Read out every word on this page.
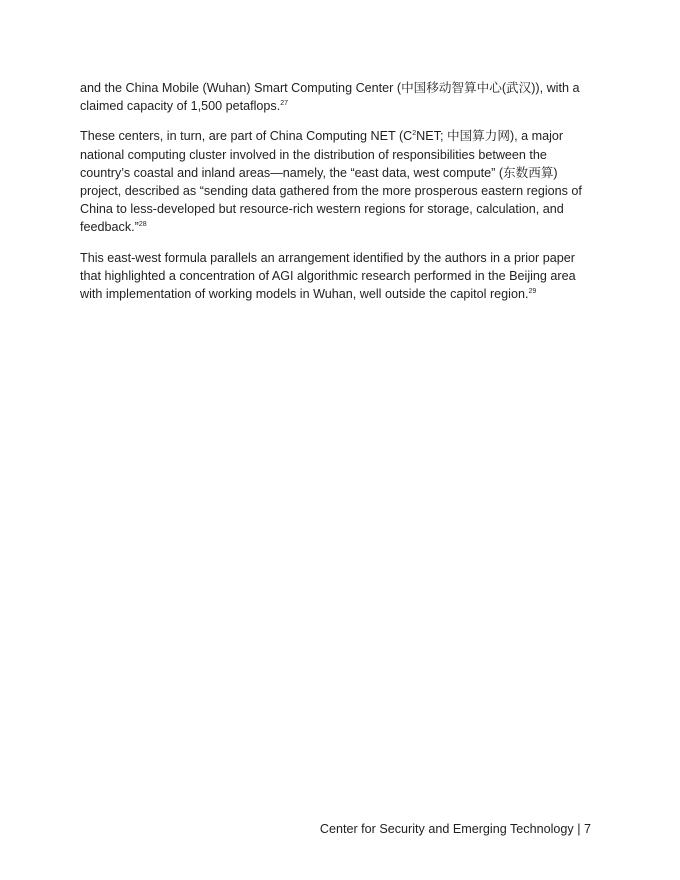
and the China Mobile (Wuhan) Smart Computing Center (中国移动智算中心(武汉)), with a claimed capacity of 1,500 petaflops.$^{27}$

These centers, in turn, are part of China Computing NET ($C^2NET$; 中国算力网), a major national computing cluster involved in the distribution of responsibilities between the country’s coastal and inland areas—namely, the “east data, west compute” (东数西算) project, described as “sending data gathered from the more prosperous eastern regions of China to less-developed but resource-rich western regions for storage, calculation, and feedback.”$^{28}$

This east-west formula parallels an arrangement identified by the authors in a prior paper that highlighted a concentration of AGI algorithmic research performed in the Beijing area with implementation of working models in Wuhan, well outside the capitol region.$^{29}$

Center for Security and Emerging Technology | 7
